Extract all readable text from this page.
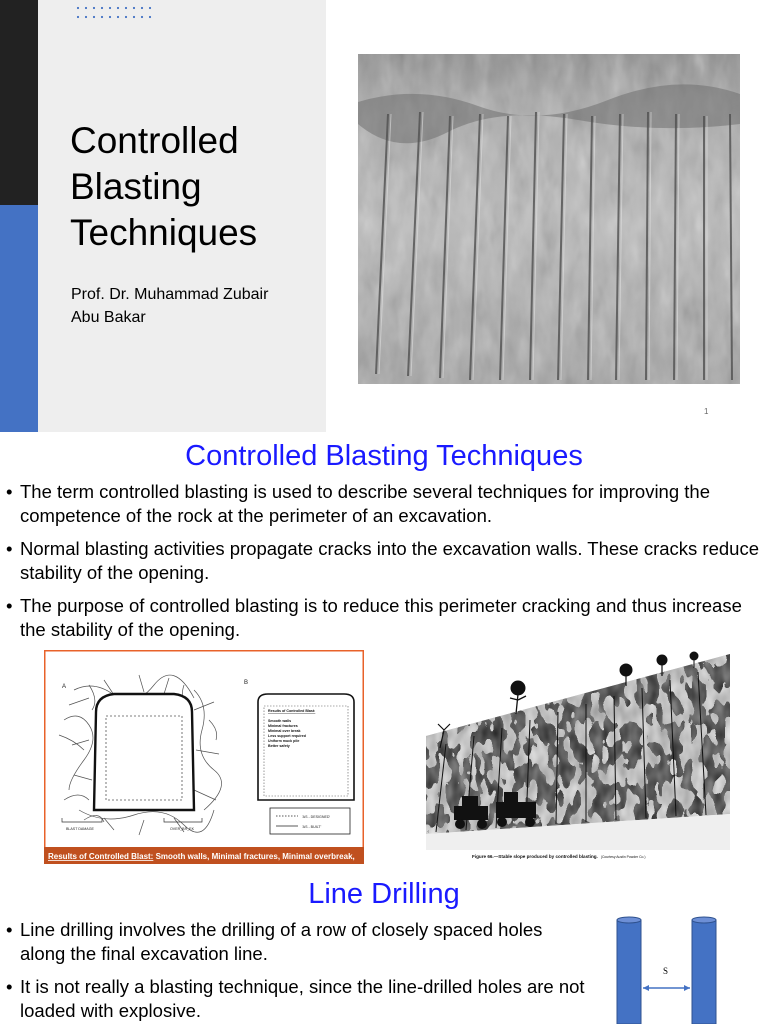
Controlled
Blasting
Techniques
Prof. Dr. Muhammad Zubair
Abu Bakar
1
Controlled Blasting Techniques
• The term controlled blasting is used to describe several techniques for improving the competence of the rock at the perimeter of an excavation.
• Normal blasting activities propagate cracks into the excavation walls. These cracks reduce stability of the opening.
• The purpose of controlled blasting is to reduce this perimeter cracking and thus increase the stability of the opening.
A
B
Results of Controlled Blast:
Smooth walls
Minimal fractures
Minimal over break
Less support required
Uniform muck pile
Better safety
BLAST DAMAGE	OVER_BR_EK
'AS - DESIGNED'
'AS - BUILT'
Results of Controlled Blast: Smooth walls, Minimal fractures, Minimal overbreak,	Figure 66.—Stable slope produced by controlled blasting. (Courtesy Austin Powder Co.)
Line Drilling
• Line drilling involves the drilling of a row of closely spaced holes along the final excavation line.
• It is not really a blasting technique, since the line-drilled holes are not loaded with explosive.
S
